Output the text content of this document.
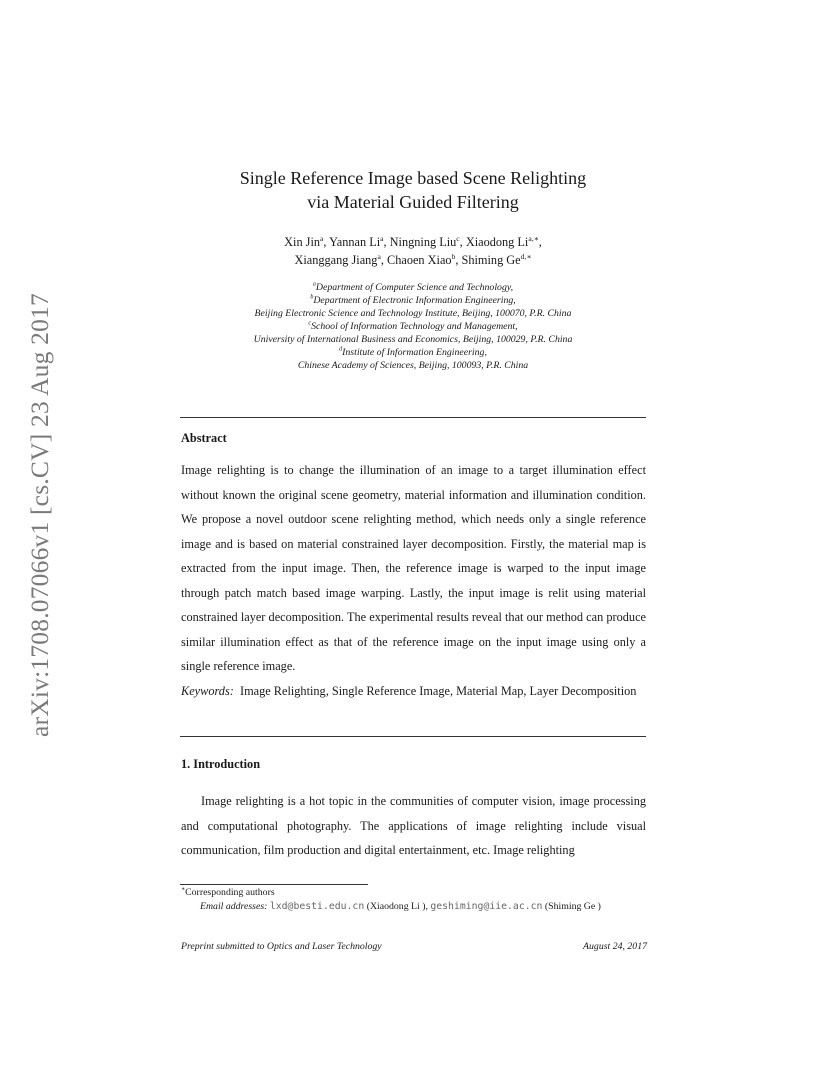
arXiv:1708.07066v1 [cs.CV] 23 Aug 2017
Single Reference Image based Scene Relighting
via Material Guided Filtering
Xin Jin$^a$, Yannan Li$^a$, Ningning Liu$^c$, Xiaodong $Li^{a,∗}$,
Xianggang Jiang$^a$, Chaoen Xiao$^b$, Shiming $Ge^{d,∗}$
$^a$Department of Computer Science and Technology,
$^b$Department of Electronic Information Engineering,
Beijing Electronic Science and Technology Institute, Beijing, 100070, P.R. China
$^c$School of Information Technology and Management,
University of International Business and Economics, Beijing, 100029, P.R. China
$^d$Institute of Information Engineering,
Chinese Academy of Sciences, Beijing, 100093, P.R. China
Abstract

Image relighting is to change the illumination of an image to a target illumination effect without known the original scene geometry, material information and illumination condition. We propose a novel outdoor scene relighting method, which needs only a single reference image and is based on material constrained layer decomposition. Firstly, the material map is extracted from the input image. Then, the reference image is warped to the input image through patch match based image warping. Lastly, the input image is relit using material constrained layer decomposition. The experimental results reveal that our method can produce similar illumination effect as that of the reference image on the input image using only a single reference image.

Keywords: Image Relighting, Single Reference Image, Material Map, Layer Decomposition

1. Introduction

Image relighting is a hot topic in the communities of computer vision, image processing and computational photography. The applications of image relighting include visual communication, film production and digital entertainment, etc. Image relighting

∗Corresponding authors
Email addresses: lxd@besti.edu.cn (Xiaodong Li ), geshiming@iie.ac.cn (Shiming Ge )
Preprint submitted to Optics and Laser Technology	August 24, 2017
